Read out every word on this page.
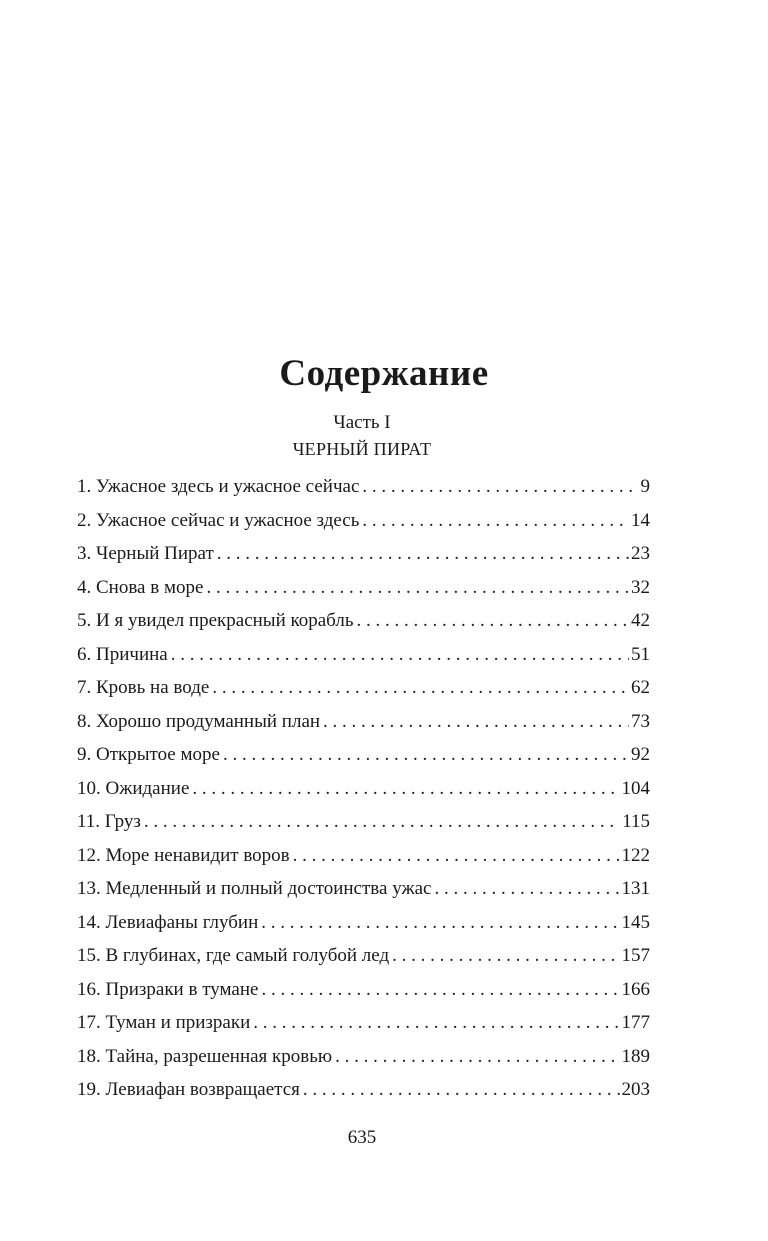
Содержание
Часть I
ЧЕРНЫЙ ПИРАТ
1. Ужасное здесь и ужасное сейчас . . .	9
2. Ужасное сейчас и ужасное здесь . . .	14
3. Черный Пират . . .	23
4. Снова в море . . .	32
5. И я увидел прекрасный корабль . . .	42
6. Причина . . .	51
7. Кровь на воде . . .	62
8. Хорошо продуманный план . . .	73
9. Открытое море . . .	92
10. Ожидание . . .	104
11. Груз . . .	115
12. Море ненавидит воров . . .	122
13. Медленный и полный достоинства ужас . . .	131
14. Левиафаны глубин . . .	145
15. В глубинах, где самый голубой лед . . .	157
16. Призраки в тумане . . .	166
17. Туман и призраки . . .	177
18. Тайна, разрешенная кровью . . .	189
19. Левиафан возвращается . . .	203
635
